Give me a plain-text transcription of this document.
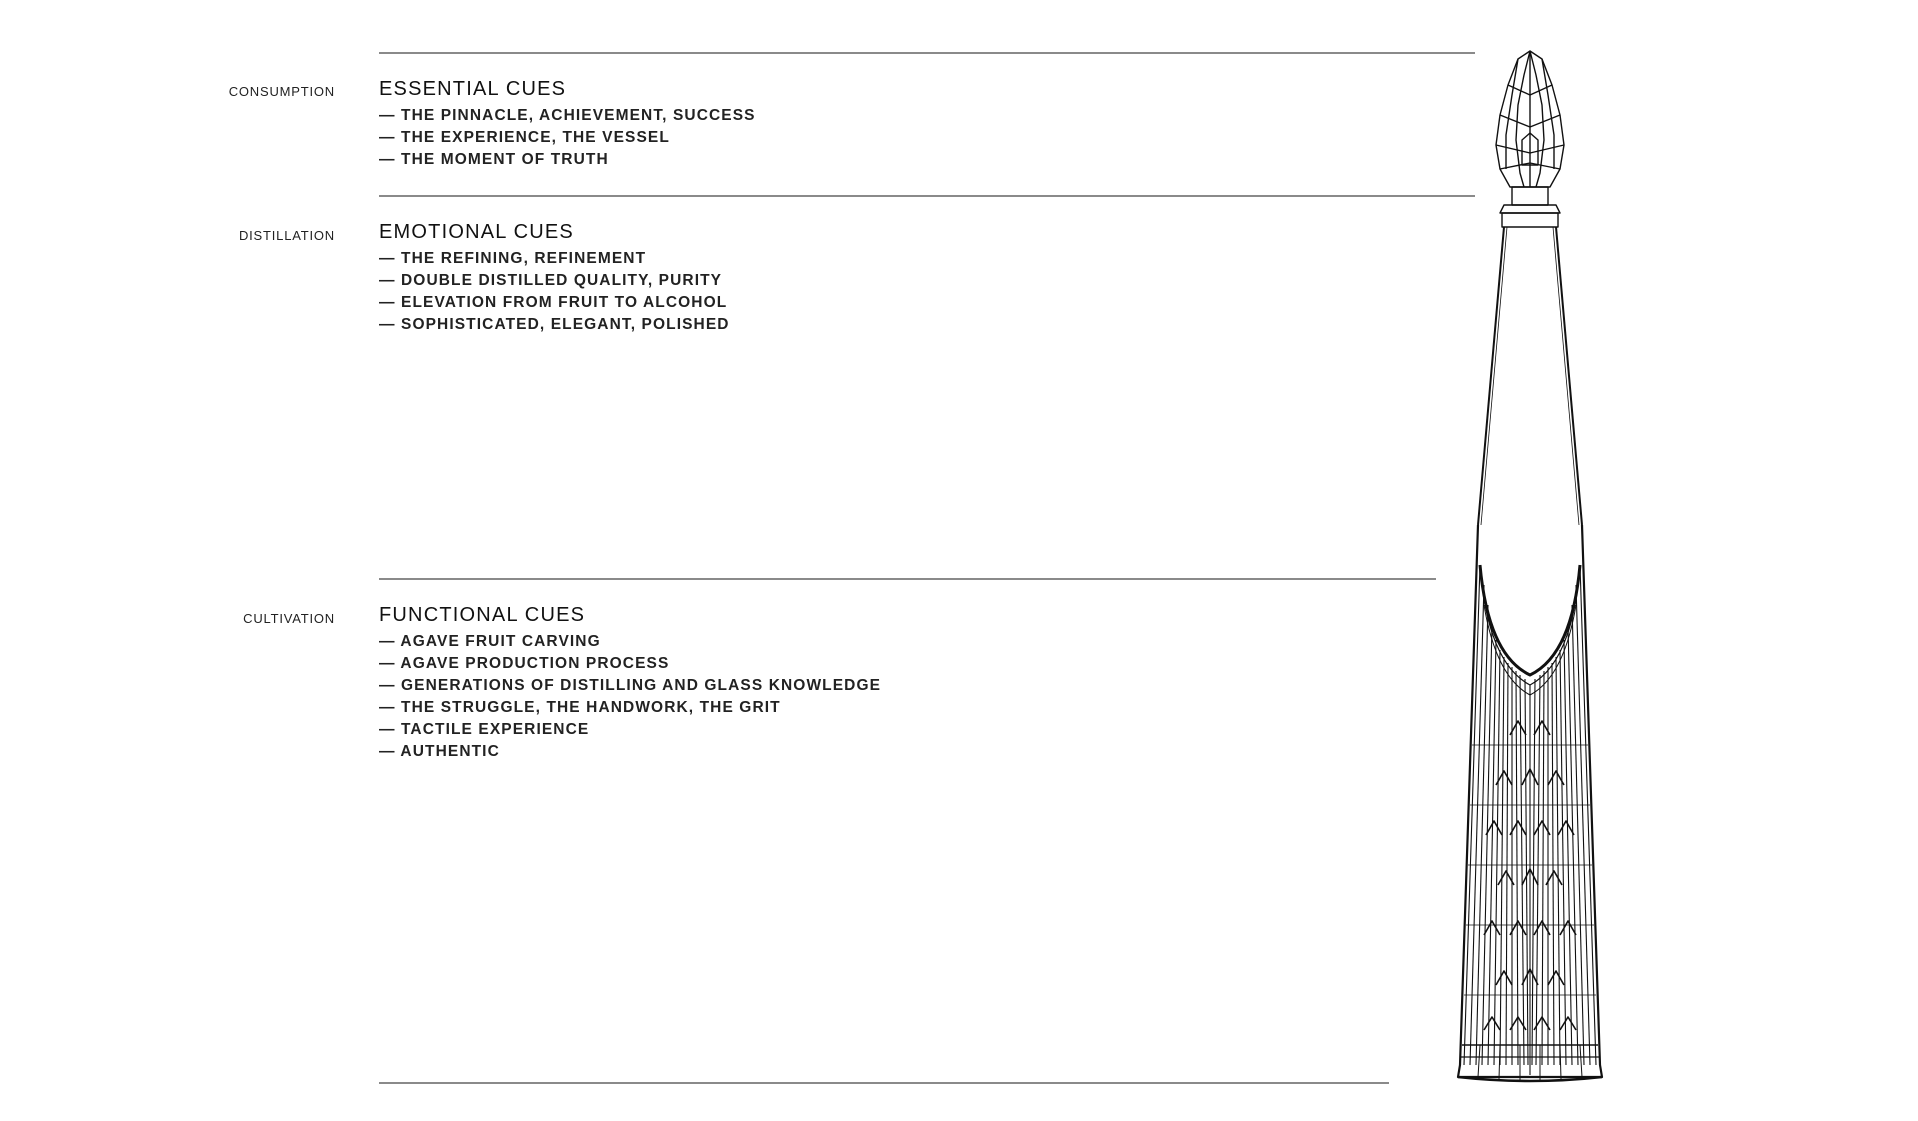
CONSUMPTION ESSENTIAL CUES
— THE PINNACLE, ACHIEVEMENT, SUCCESS
— THE EXPERIENCE, THE VESSEL
— THE MOMENT OF TRUTH
DISTILLATION EMOTIONAL CUES
— THE REFINING, REFINEMENT
— DOUBLE DISTILLED QUALITY, PURITY
— ELEVATION FROM FRUIT TO ALCOHOL
— SOPHISTICATED, ELEGANT, POLISHED
CULTIVATION FUNCTIONAL CUES
— AGAVE FRUIT CARVING
— AGAVE PRODUCTION PROCESS
— GENERATIONS OF DISTILLING AND GLASS KNOWLEDGE
— THE STRUGGLE, THE HANDWORK, THE GRIT
— TACTILE EXPERIENCE
— AUTHENTIC
